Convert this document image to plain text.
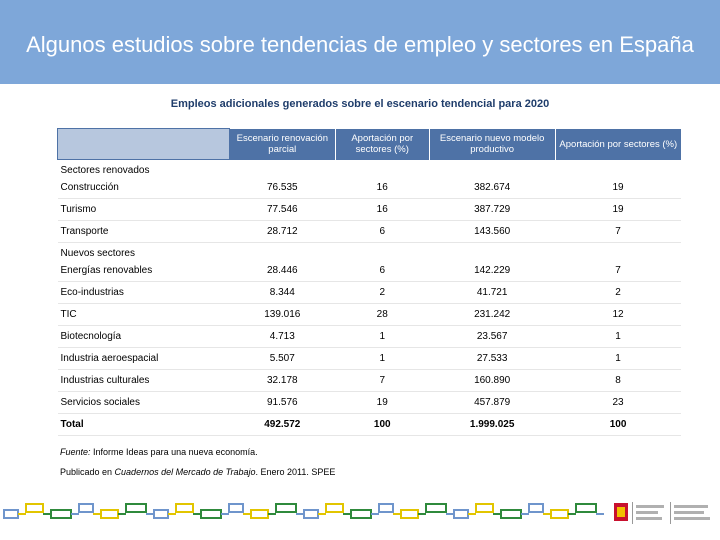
Algunos estudios sobre tendencias de empleo y sectores en España
Empleos adicionales generados sobre el escenario tendencial para 2020
	Escenario renovación parcial	Aportación por sectores (%)	Escenario nuevo modelo productivo	Aportación por sectores (%)
Sectores renovados				
Construcción	76.535	16	382.674	19
Turismo	77.546	16	387.729	19
Transporte	28.712	6	143.560	7
Nuevos sectores				
Energías renovables	28.446	6	142.229	7
Eco-industrias	8.344	2	41.721	2
TIC	139.016	28	231.242	12
Biotecnología	4.713	1	23.567	1
Industria aeroespacial	5.507	1	27.533	1
Industrias culturales	32.178	7	160.890	8
Servicios sociales	91.576	19	457.879	23
Total	492.572	100	1.999.025	100
Fuente: Informe Ideas para una nueva economía.
Publicado en Cuadernos del Mercado de Trabajo. Enero 2011. SPEE
